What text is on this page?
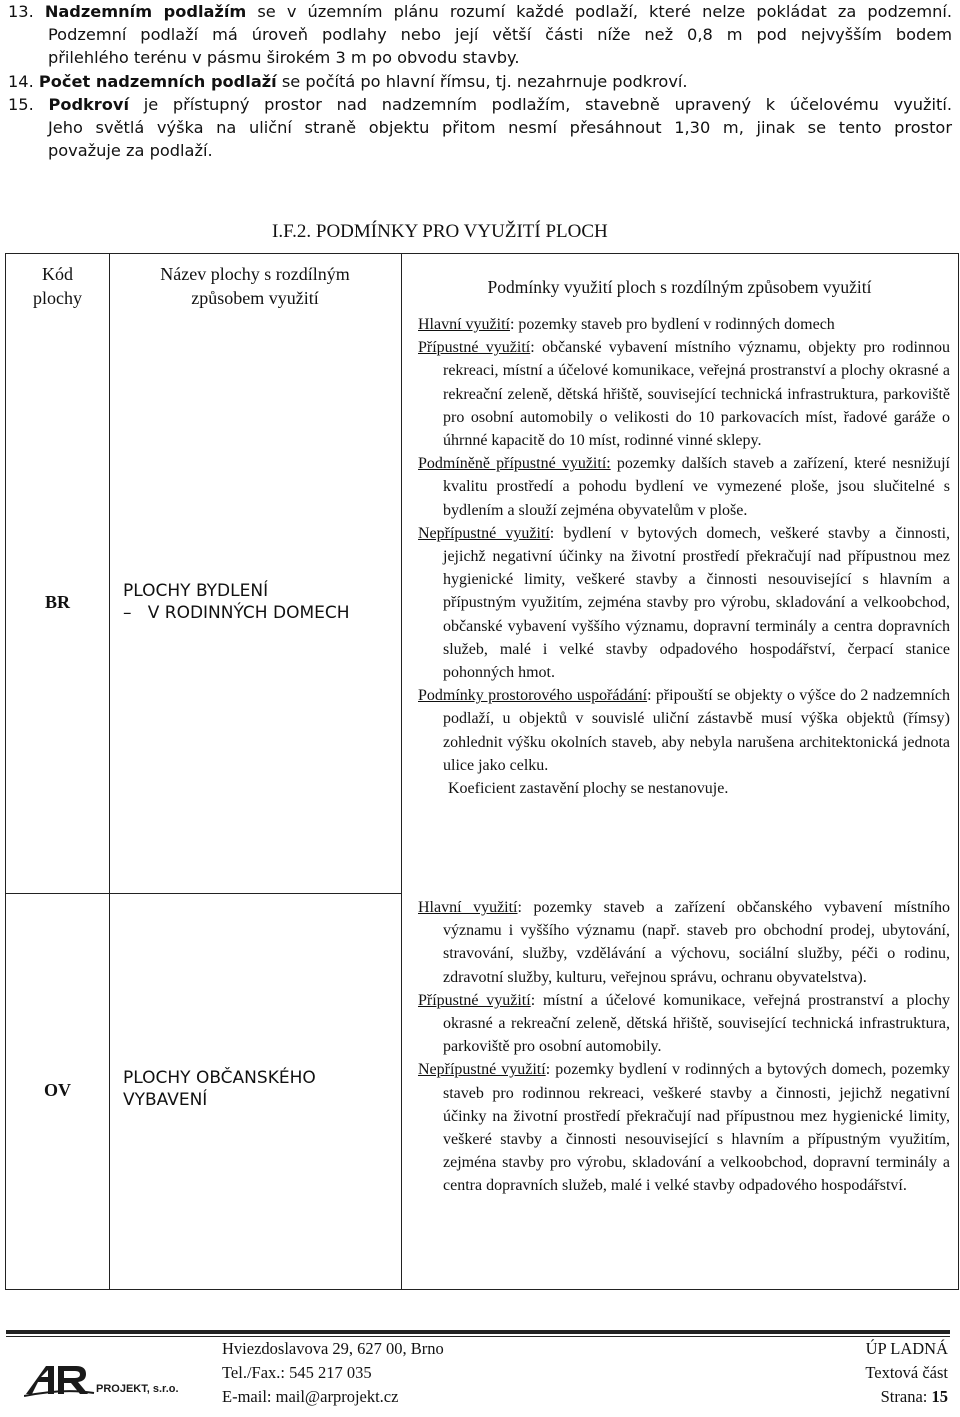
13. Nadzemním podlažím se v územním plánu rozumí každé podlaží, které nelze pokládat za podzemní.
Podzemní podlaží má úroveň podlahy nebo její větší části níže než 0,8 m pod nejvyšším bodem
přilehlého terénu v pásmu širokém 3 m po obvodu stavby.
14. Počet nadzemních podlaží se počítá po hlavní římsu, tj. nezahrnuje podkroví.
15. Podkroví je přístupný prostor nad nadzemním podlažím, stavebně upravený k účelovému využití.
Jeho světlá výška na uliční straně objektu přitom nesmí přesáhnout 1,30 m, jinak se tento prostor
považuje za podlaží.
I.F.2. PODMÍNKY PRO VYUŽITÍ PLOCH
Kód
plochy
Název plochy s rozdílným
způsobem využití
Podmínky využití ploch s rozdílným způsobem využití
BR
PLOCHY BYDLENÍ
– V RODINNÝCH DOMECH

Hlavní využití: pozemky staveb pro bydlení v rodinných domech

Přípustné využití: občanské vybavení místního významu, objekty pro rodinnou rekreaci, místní a účelové komunikace, veřejná prostranství a plochy okrasné a rekreační zeleně, dětská hřiště, související technická infrastruktura, parkoviště pro osobní automobily o velikosti do 10 parkovacích míst, řadové garáže o úhrnné kapacitě do 10 míst, rodinné vinné sklepy.

Podmíněně přípustné využití: pozemky dalších staveb a zařízení, které nesnižují kvalitu prostředí a pohodu bydlení ve vymezené ploše, jsou slučitelné s bydlením a slouží zejména obyvatelům v ploše.

Nepřípustné využití: bydlení v bytových domech, veškeré stavby a činnosti, jejichž negativní účinky na životní prostředí překračují nad přípustnou mez hygienické limity, veškeré stavby a činnosti nesouvisející s hlavním a přípustným využitím, zejména stavby pro výrobu, skladování a velkoobchod, občanské vybavení vyššího významu, dopravní terminály a centra dopravních služeb, malé i velké stavby odpadového hospodářství, čerpací stanice pohonných hmot.

Podmínky prostorového uspořádání: připouští se objekty o výšce do 2 nadzemních podlaží, u objektů v souvislé uliční zástavbě musí výška objektů (římsy) zohlednit výšku okolních staveb, aby nebyla narušena architektonická jednota ulice jako celku.

Koeficient zastavění plochy se nestanovuje.

OV
PLOCHY OBČANSKÉHO
VYBAVENÍ

Hlavní využití: pozemky staveb a zařízení občanského vybavení místního významu i vyššího významu (např. staveb pro obchodní prodej, ubytování, stravování, služby, vzdělávání a výchovu, sociální služby, péči o rodinu, zdravotní služby, kulturu, veřejnou správu, ochranu obyvatelstva).

Přípustné využití: místní a účelové komunikace, veřejná prostranství a plochy okrasné a rekreační zeleně, dětská hřiště, související technická infrastruktura, parkoviště pro osobní automobily.

Nepřípustné využití: pozemky bydlení v rodinných a bytových domech, pozemky staveb pro rodinnou rekreaci, veškeré stavby a činnosti, jejichž negativní účinky na životní prostředí překračují nad přípustnou mez hygienické limity, veškeré stavby a činnosti nesouvisející s hlavním a přípustným využitím, zejména stavby pro výrobu, skladování a velkoobchod, dopravní terminály a centra dopravních služeb, malé i velké stavby odpadového hospodářství.

PROJEKT, s.r.o.
Hviezdoslavova 29, 627 00, Brno
Tel./Fax.: 545 217 035
E-mail: mail@arprojekt.cz
ÚP LADNÁ
Textová část
Strana: 15
